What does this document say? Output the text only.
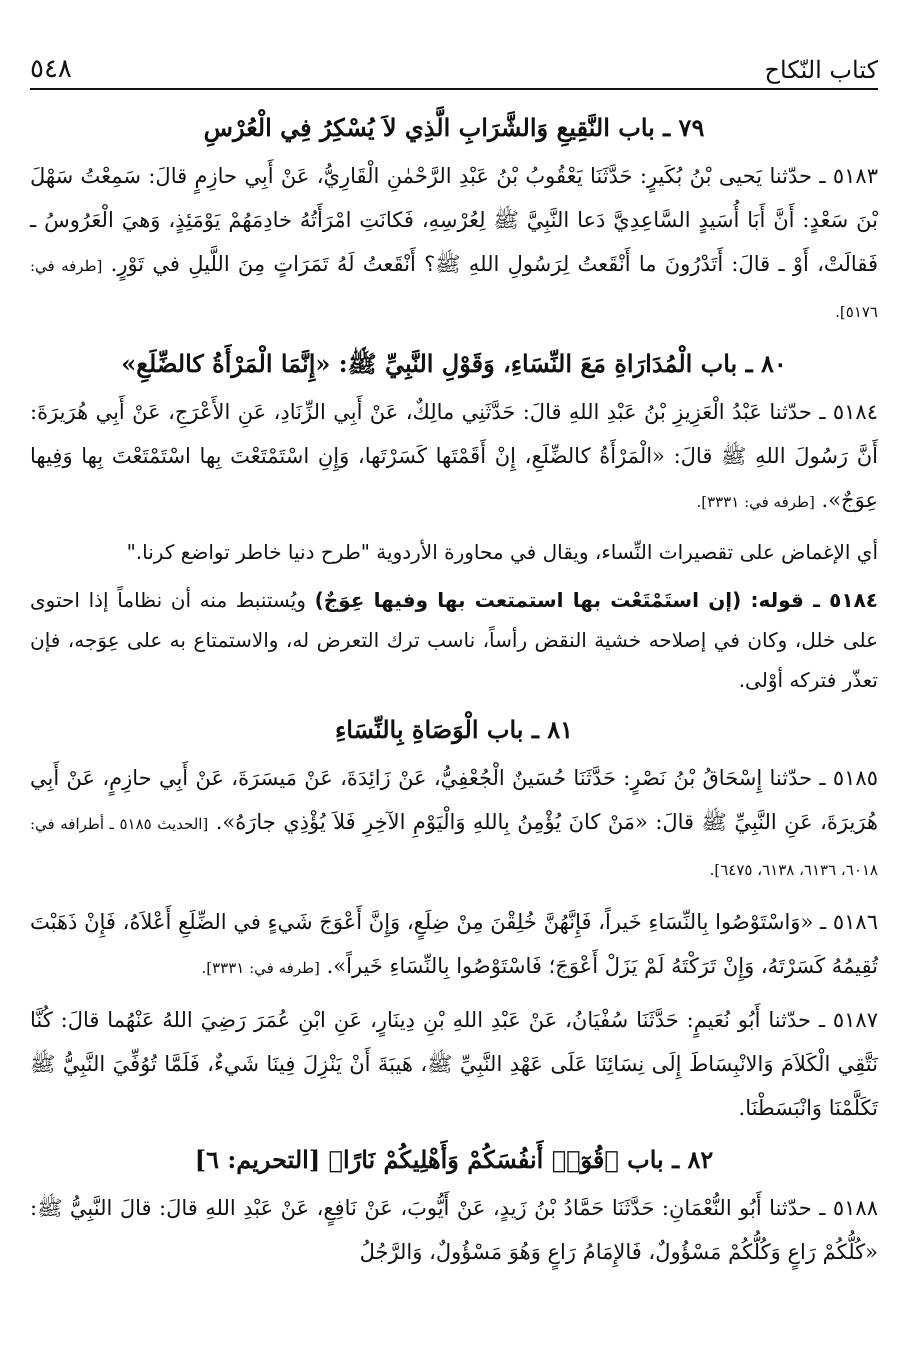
٥٤٨	كتاب النّكاح
٧٩ ـ باب النَّقِيعِ وَالشَّرَابِ الَّذِي لاَ يُسْكِرُ فِي الْعُرْسِ

٥١٨٣ ـ حدّثنا يَحيى بْنُ بُكَيرٍ: حَدَّثَنَا يَعْقُوبُ بْنُ عَبْدِ الرَّحْمٰنِ الْقَارِيُّ، عَنْ أَبِي حازِمٍ قالَ: سَمِعْتُ سَهْلَ بْنَ سَعْدٍ: أَنَّ أَبَا أُسَيدٍ السَّاعِدِيَّ دَعا النَّبِيَّ ﷺ لِعُرْسِهِ، فَكانَتِ امْرَأَتُهُ خادِمَهُمْ يَوْمَئِذٍ، وَهيَ الْعَرُوسُ ـ فَقالَتْ، أَوْ ـ قالَ: أَتَدْرُونَ ما أَنْقَعتُ لِرَسُولِ اللهِ ﷺ؟ أَنْقَعتُ لَهُ تَمَرَاتٍ مِنَ اللَّيلِ في تَوْرٍ. [طرفه في: ٥١٧٦].

٨٠ ـ باب الْمُدَارَاةِ مَعَ النِّسَاءِ، وَقَوْلِ النَّبِيِّ ﷺ: «إِنَّمَا الْمَرْأَةُ كالضِّلَعِ»

٥١٨٤ ـ حدّثنا عَبْدُ الْعَزِيزِ بْنُ عَبْدِ اللهِ قالَ: حَدَّثَنِي مالِكٌ، عَنْ أَبِي الزِّنَادِ، عَنِ الأَعْرَجِ، عَنْ أَبِي هُرَيرَةَ: أَنَّ رَسُولَ اللهِ ﷺ قالَ: «الْمَرْأَةُ كالضِّلَعِ، إِنْ أَقَمْتَها كَسَرْتَها، وَإِنِ اسْتَمْتَعْتَ بِها اسْتَمْتَعْتَ بِها وَفِيها عِوَجٌ». [طرفه في: ٣٣٣١].

أي الإغماض على تقصيرات النِّساء، ويقال في محاورة الأردوية "طرح دنيا خاطر تواضع كرنا."

٥١٨٤ ـ قوله: (إن استَمْتَعْت بها استمتعت بها وفيها عِوَجٌ) ويُستنبط منه أن نظاماً إذا احتوى على خلل، وكان في إصلاحه خشية النقض رأساً، ناسب ترك التعرض له، والاستمتاع به على عِوَجه، فإن تعذّر فتركه أوْلى.

٨١ ـ باب الْوَصَاةِ بِالنِّسَاءِ

٥١٨٥ ـ حدّثنا إِسْحَاقُ بْنُ نَصْرٍ: حَدَّثَنَا حُسَينٌ الْجُعْفِيُّ، عَنْ زَائِدَةَ، عَنْ مَيسَرَةَ، عَنْ أَبِي حازِمٍ، عَنْ أَبِي هُرَيرَةَ، عَنِ النَّبِيِّ ﷺ قالَ: «مَنْ كانَ يُؤْمِنُ بِاللهِ وَالْيَوْمِ الآخِرِ فَلاَ يُؤْذِي جارَهُ». [الحديث ٥١٨٥ ـ أطرافه في: ٦٠١٨، ٦١٣٦، ٦١٣٨، ٦٤٧٥].

٥١٨٦ ـ «وَاسْتَوْصُوا بِالنِّسَاءِ خَيراً، فَإِنَّهُنَّ خُلِقْنَ مِنْ ضِلَعٍ، وَإِنَّ أَعْوَجَ شَيءٍ في الضِّلَعِ أَعْلاَهُ، فَإِنْ ذَهَبْتَ تُقِيمُهُ كَسَرْتَهُ، وَإِنْ تَرَكْتَهُ لَمْ يَزَلْ أَعْوَجَ؛ فَاسْتَوْصُوا بِالنِّسَاءِ خَيراً». [طرفه في: ٣٣٣١].

٥١٨٧ ـ حدّثنا أَبُو نُعَيمٍ: حَدَّثَنَا سُفْيَانُ، عَنْ عَبْدِ اللهِ بْنِ دِينَارٍ، عَنِ ابْنِ عُمَرَ رَضِيَ اللهُ عَنْهُما قالَ: كُنَّا نَتَّقِي الْكَلاَمَ وَالانْبِسَاطَ إِلَى نِسَائِنَا عَلَى عَهْدِ النَّبِيِّ ﷺ، هَيبَةَ أَنْ يَنْزِلَ فِينَا شَيءٌ، فَلَمَّا تُوُفِّيَ النَّبِيُّ ﷺ تَكَلَّمْنَا وَانْبَسَطْنَا.

٨٢ ـ باب ﴿قُوٓا۟ أَنفُسَكُمْ وَأَهْلِيكُمْ نَارًا﴾ [التحريم: ٦]

٥١٨٨ ـ حدّثنا أَبُو النُّعْمَانِ: حَدَّثَنَا حَمَّادُ بْنُ زَيدٍ، عَنْ أَيُّوبَ، عَنْ نَافِعٍ، عَنْ عَبْدِ اللهِ قالَ: قالَ النَّبِيُّ ﷺ: «كُلُّكُمْ رَاعٍ وَكُلُّكُمْ مَسْؤُولٌ، فَالإِمَامُ رَاعٍ وَهُوَ مَسْؤُولٌ، وَالرَّجُلُ
